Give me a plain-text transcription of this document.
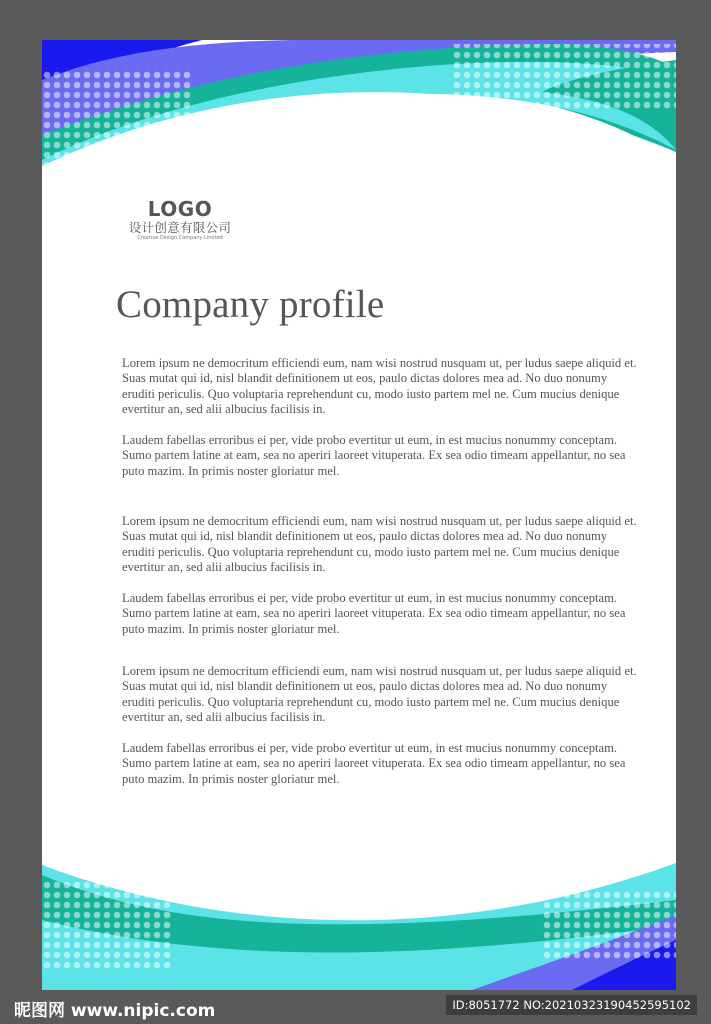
LOGO
设计创意有限公司
Creative Design Company Limited
Company profile

Lorem ipsum ne democritum efficiendi eum, nam wisi nostrud nusquam ut, per ludus saepe aliquid et. Suas mutat qui id, nisl blandit definitionem ut eos, paulo dictas dolores mea ad. No duo nonumy eruditi periculis. Quo voluptaria reprehendunt cu, modo iusto partem mel ne. Cum mucius denique evertitur an, sed alii albucius facilisis in.

Laudem fabellas erroribus ei per, vide probo evertitur ut eum, in est mucius nonummy conceptam. Sumo partem latine at eam, sea no aperiri laoreet vituperata. Ex sea odio timeam appellantur, no sea puto mazim. In primis noster gloriatur mel.

Lorem ipsum ne democritum efficiendi eum, nam wisi nostrud nusquam ut, per ludus saepe aliquid et. Suas mutat qui id, nisl blandit definitionem ut eos, paulo dictas dolores mea ad. No duo nonumy eruditi periculis. Quo voluptaria reprehendunt cu, modo iusto partem mel ne. Cum mucius denique evertitur an, sed alii albucius facilisis in.

Laudem fabellas erroribus ei per, vide probo evertitur ut eum, in est mucius nonummy conceptam. Sumo partem latine at eam, sea no aperiri laoreet vituperata. Ex sea odio timeam appellantur, no sea puto mazim. In primis noster gloriatur mel.

Lorem ipsum ne democritum efficiendi eum, nam wisi nostrud nusquam ut, per ludus saepe aliquid et. Suas mutat qui id, nisl blandit definitionem ut eos, paulo dictas dolores mea ad. No duo nonumy eruditi periculis. Quo voluptaria reprehendunt cu, modo iusto partem mel ne. Cum mucius denique evertitur an, sed alii albucius facilisis in.

Laudem fabellas erroribus ei per, vide probo evertitur ut eum, in est mucius nonummy conceptam. Sumo partem latine at eam, sea no aperiri laoreet vituperata. Ex sea odio timeam appellantur, no sea puto mazim. In primis noster gloriatur mel.

昵图网 www.nipic.com	ID:8051772 NO:20210323190452595102
